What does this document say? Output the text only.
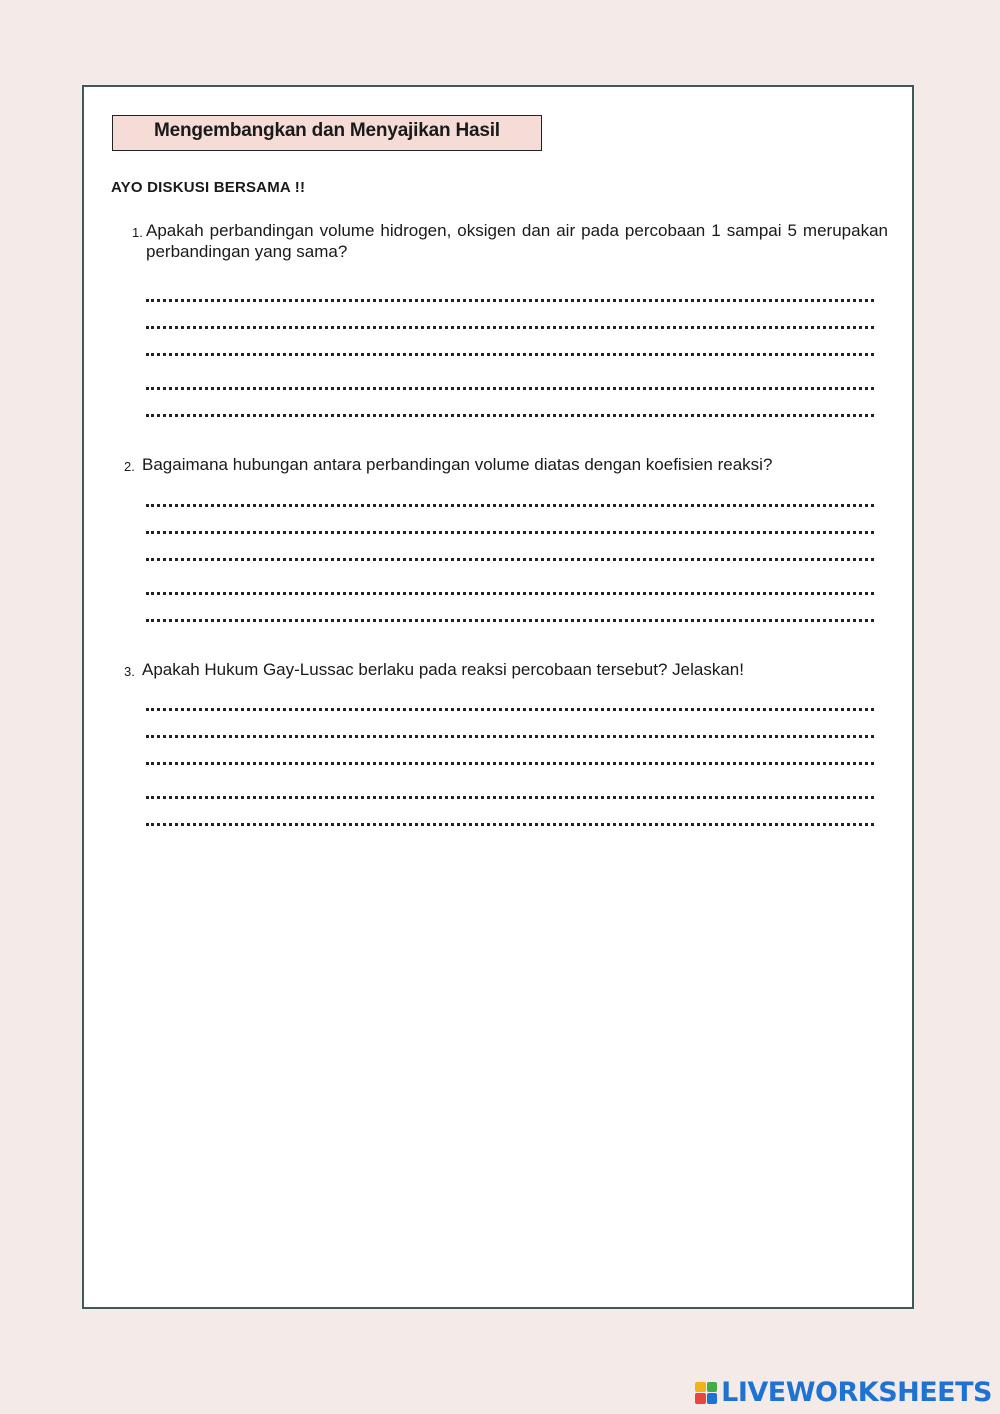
Mengembangkan dan Menyajikan Hasil
AYO DISKUSI BERSAMA !!
1. Apakah perbandingan volume hidrogen, oksigen dan air pada percobaan 1 sampai 5 merupakan perbandingan yang sama?
2. Bagaimana hubungan antara perbandingan volume diatas dengan koefisien reaksi?
3. Apakah Hukum Gay-Lussac berlaku pada reaksi percobaan tersebut? Jelaskan!
LIVEWORKSHEETS
